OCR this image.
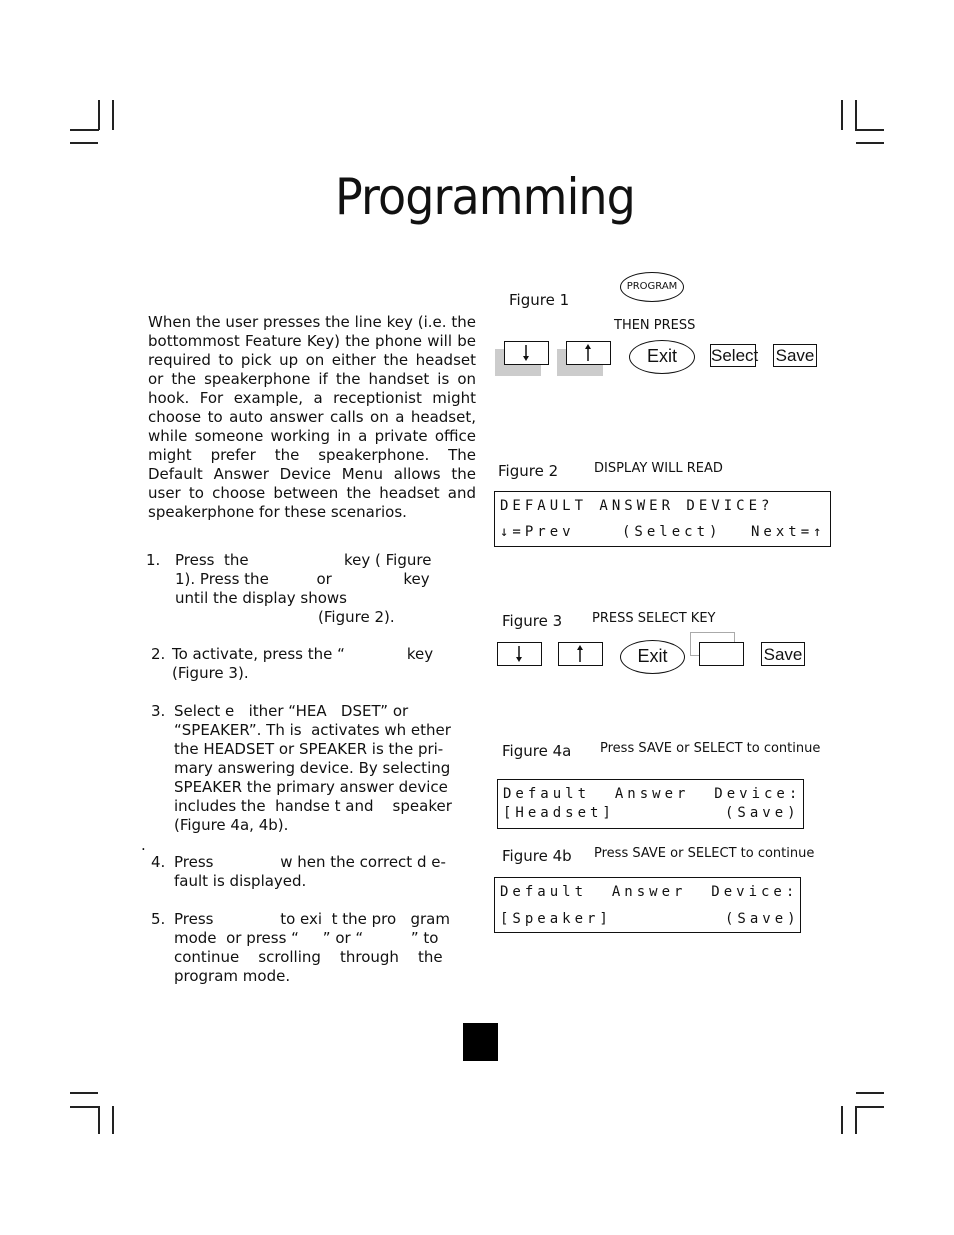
Programming
When the user presses the line key (i.e. the bottommost Feature Key) the phone will be required to pick up on either the headset or the speakerphone if the handset is on hook. For example, a receptionist might choose to auto answer calls on a headset, while someone working in a private office might prefer the speakerphone. The Default Answer Device Menu allows the user to choose between the headset and speakerphone for these scenarios.
1. Press  the                    key ( Figure
1). Press the          or               key
until the display shows
(Figure 2).
2. To activate, press the “             key
(Figure 3).
3. Select e   ither “HEA   DSET” or
“SPEAKER”. Th is  activates wh ether
the HEADSET or SPEAKER is the pri-
mary answering device. By selecting
SPEAKER the primary answer device
includes the  handse t and    speaker
(Figure 4a, 4b).
.
4. Press              w hen the correct d e-
fault is displayed.
5. Press              to exi  t the pro   gram
mode  or press “     ” or “          ” to
continue    scrolling    through    the
program mode.
Figure 1
PROGRAM
THEN PRESS
Exit	Select Save
Figure 2	DISPLAY WILL READ
DEFAULT ANSWER DEVICE?
↓=Prev	(Select) Next=↑
Figure 3 PRESS SELECT KEY
Exit	Save
Figure 4a Press SAVE or SELECT to continue
Default  Answer  Device:
[Headset]	(Save)
Figure 4b Press SAVE or SELECT to continue
Default  Answer  Device:
[Speaker]	(Save)
